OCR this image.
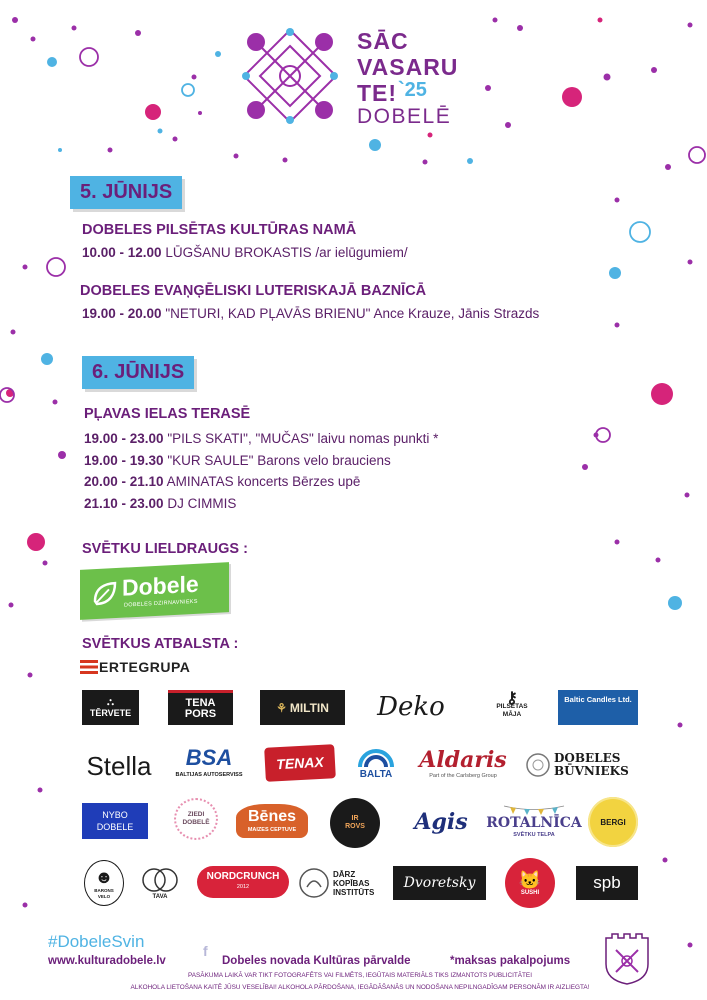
SĀC
VASARU
TE! `25
DOBELĒ
5. JŪNIJS
DOBELES PILSĒTAS KULTŪRAS NAMĀ
10.00 - 12.00 LŪGŠANU BROKASTIS /ar ielūgumiem/
DOBELES EVAŅĢĒLISKI LUTERISKAJĀ BAZNĪCĀ
19.00 - 20.00 "NETURI, KAD PĻAVĀS BRIENU" Ance Krauze, Jānis Strazds
6. JŪNIJS
PĻAVAS IELAS TERASĒ
19.00 - 23.00 "PILS SKATI", "MUČAS" laivu nomas punkti *
19.00 - 19.30 "KUR SAULE" Barons velo brauciens
20.00 - 21.10 AMINATAS koncerts Bērzes upē
21.10 - 23.00 DJ CIMMIS
SVĒTKU LIELDRAUGS :
Dobele
DOBELES DZIRNAVNIEKS
SVĒTKUS ATBALSTA :
ERTEGRUPA
⛬
TĒRVETE
TENA PORS	⚘ MILTIN Deko	⚷
PILSĒTAS MĀJA
Baltic Candles Ltd.
Stella BSA
BALTIJAS AUTOSERVISS
TENAX
BALTA
Aldaris
Part of the Carlsberg Group
DOBELES
BŪVNIEKS
NYBO DOBELE
ZIEDI DOBELĒ Bēnes
MAIZES CEPTUVE
IR ROVS Agis ROTALNĪCA
SVĒTKU TELPA
BERGI
☻
BARONS VELO	TAVA
NORDCRUNCH
2012
DĀRZ KOPĪBAS INSTITŪTS
Dvoretsky 🐱
SUSHI
spb
#DobeleSvin
www.kulturadobele.lv
f
Dobeles novada Kultūras pārvalde	*maksas pakalpojums
PASĀKUMA LAIKĀ VAR TIKT FOTOGRAFĒTS VAI FILMĒTS, IEGŪTAIS MATERIĀLS TIKS IZMANTOTS PUBLICITĀTEI
ALKOHOLA LIETOŠANA KAITĒ JŪSU VESELĪBAI! ALKOHOLA PĀRDOŠANA, IEGĀDĀŠANĀS UN NODOŠANA NEPILNGADĪGAM PERSONĀM IR AIZLIEGTA!
